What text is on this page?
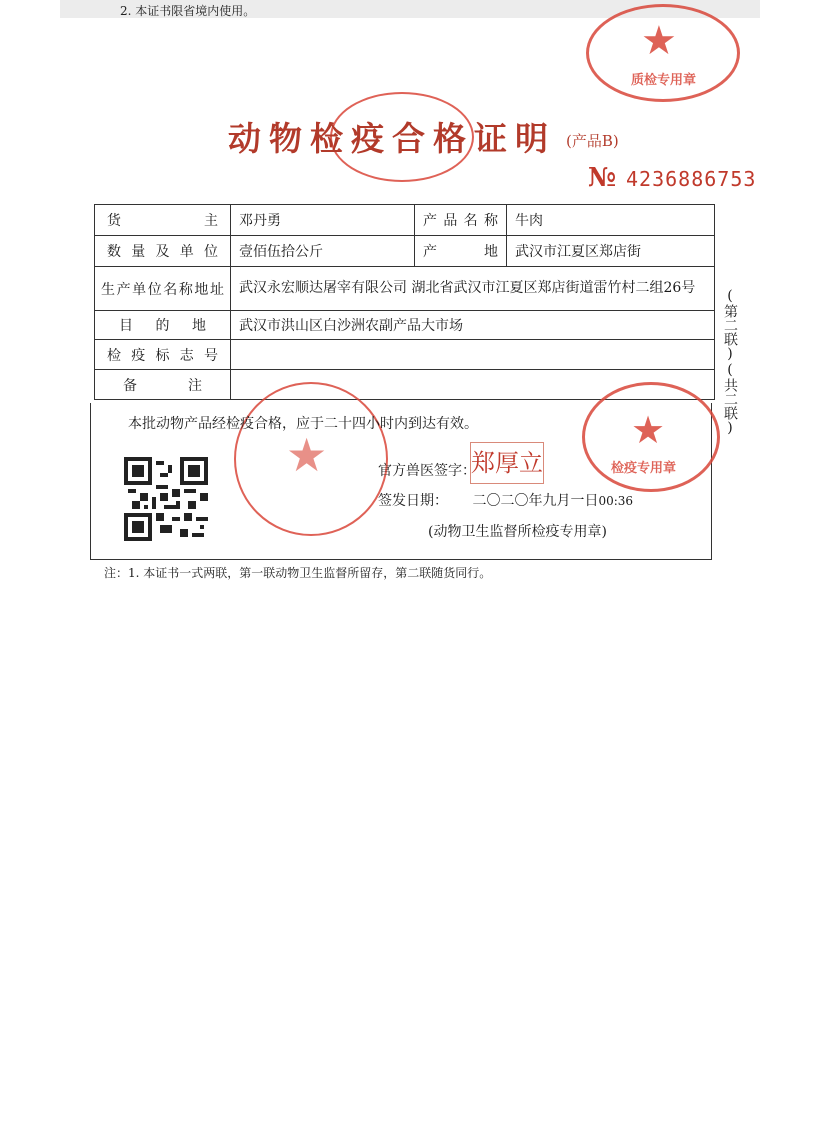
2. 本证书限省境内使用。
★
质检专用章
动物检疫合格证明 (产品B)
№ 4236886753
货主	邓丹勇	产品名称	牛肉
数量及单位	壹佰伍拾公斤	产地	武汉市江夏区郑店街
生产单位名称地址	武汉永宏顺达屠宰有限公司 湖北省武汉市江夏区郑店街道雷竹村二组26号		
目的地	武汉市洪山区白沙洲农副产品大市场		
检疫标志号			
备注			
★	★
检疫专用章
本批动物产品经检疫合格，应于二十四小时内到达有效。
官方兽医签字：
郑厚立
签发日期： 二〇二〇年九月一日00:36
(动物卫生监督所检疫专用章)
(第二联)(共二联)
注：1. 本证书一式两联，第一联动物卫生监督所留存，第二联随货同行。
